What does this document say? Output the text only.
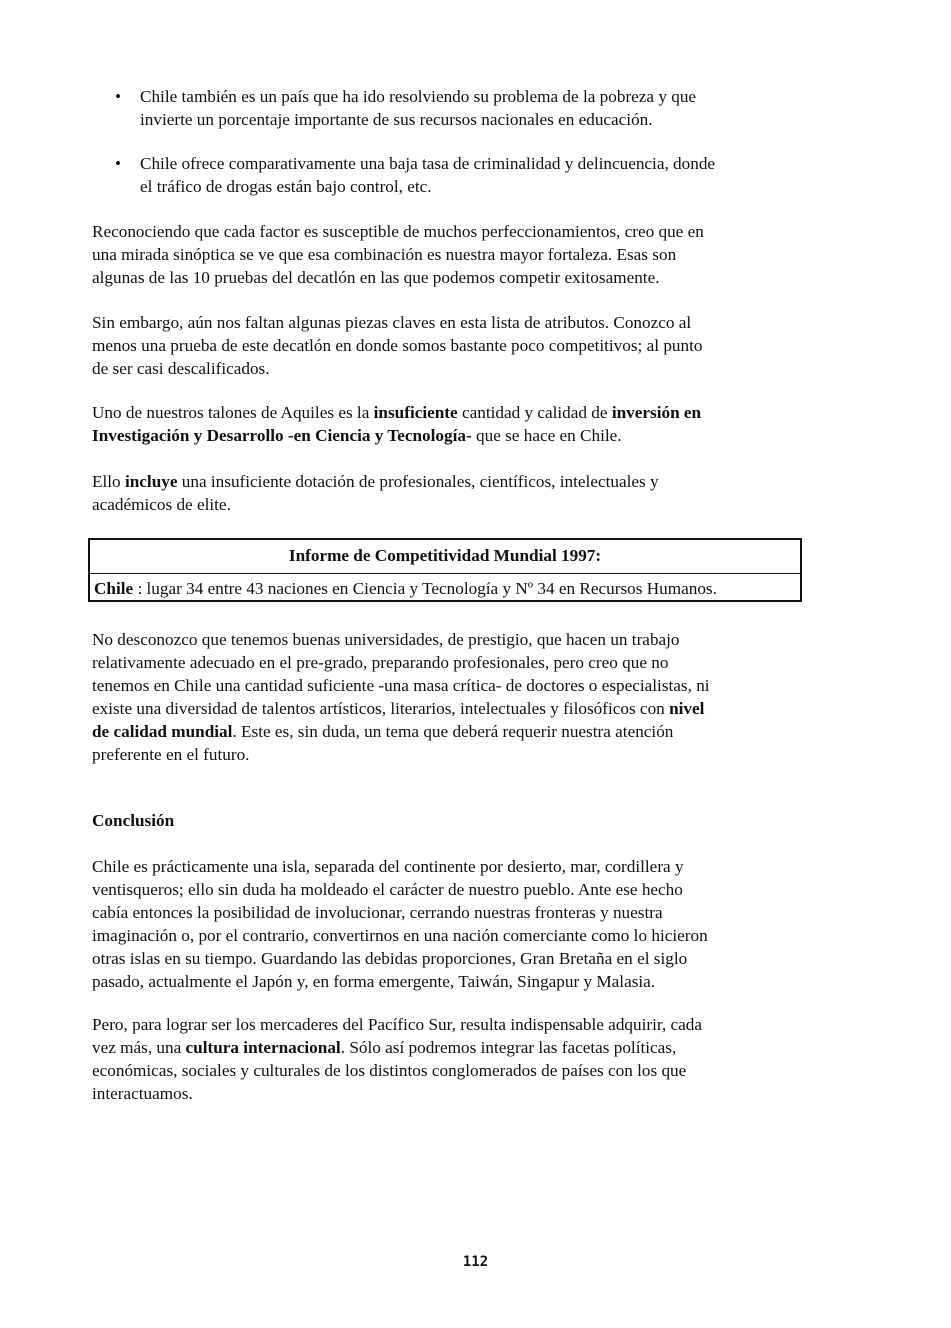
•	Chile también es un país que ha ido resolviendo su problema de la pobreza y que
invierte un porcentaje importante de sus recursos nacionales en educación.

•	Chile ofrece comparativamente una baja tasa de criminalidad y delincuencia, donde
el tráfico de drogas están bajo control, etc.

Reconociendo que cada factor es susceptible de muchos perfeccionamientos, creo que en
una mirada sinóptica se ve que esa combinación es nuestra mayor fortaleza. Esas son
algunas de las 10 pruebas del decatlón en las que podemos competir exitosamente.

Sin embargo, aún nos faltan algunas piezas claves en esta lista de atributos. Conozco al
menos una prueba de este decatlón en donde somos bastante poco competitivos; al punto
de ser casi descalificados.

Uno de nuestros talones de Aquiles es la insuficiente cantidad y calidad de inversión en
Investigación y Desarrollo -en Ciencia y Tecnología- que se hace en Chile.

Ello incluye una insuficiente dotación de profesionales, científicos, intelectuales y
académicos de elite.

Informe de Competitividad Mundial 1997:
Chile : lugar 34 entre 43 naciones en Ciencia y Tecnología y Nº 34 en Recursos Humanos.

No desconozco que tenemos buenas universidades, de prestigio, que hacen un trabajo
relativamente adecuado en el pre-grado, preparando profesionales, pero creo que no
tenemos en Chile una cantidad suficiente -una masa crítica- de doctores o especialistas, ni
existe una diversidad de talentos artísticos, literarios, intelectuales y filosóficos con nivel
de calidad mundial. Este es, sin duda, un tema que deberá requerir nuestra atención
preferente en el futuro.

Conclusión

Chile es prácticamente una isla, separada del continente por desierto, mar, cordillera y
ventisqueros; ello sin duda ha moldeado el carácter de nuestro pueblo. Ante ese hecho
cabía entonces la posibilidad de involucionar, cerrando nuestras fronteras y nuestra
imaginación o, por el contrario, convertirnos en una nación comerciante como lo hicieron
otras islas en su tiempo. Guardando las debidas proporciones, Gran Bretaña en el siglo
pasado, actualmente el Japón y, en forma emergente, Taiwán, Singapur y Malasia.

Pero, para lograr ser los mercaderes del Pacífico Sur, resulta indispensable adquirir, cada
vez más, una cultura internacional. Sólo así podremos integrar las facetas políticas,
económicas, sociales y culturales de los distintos conglomerados de países con los que
interactuamos.

112
